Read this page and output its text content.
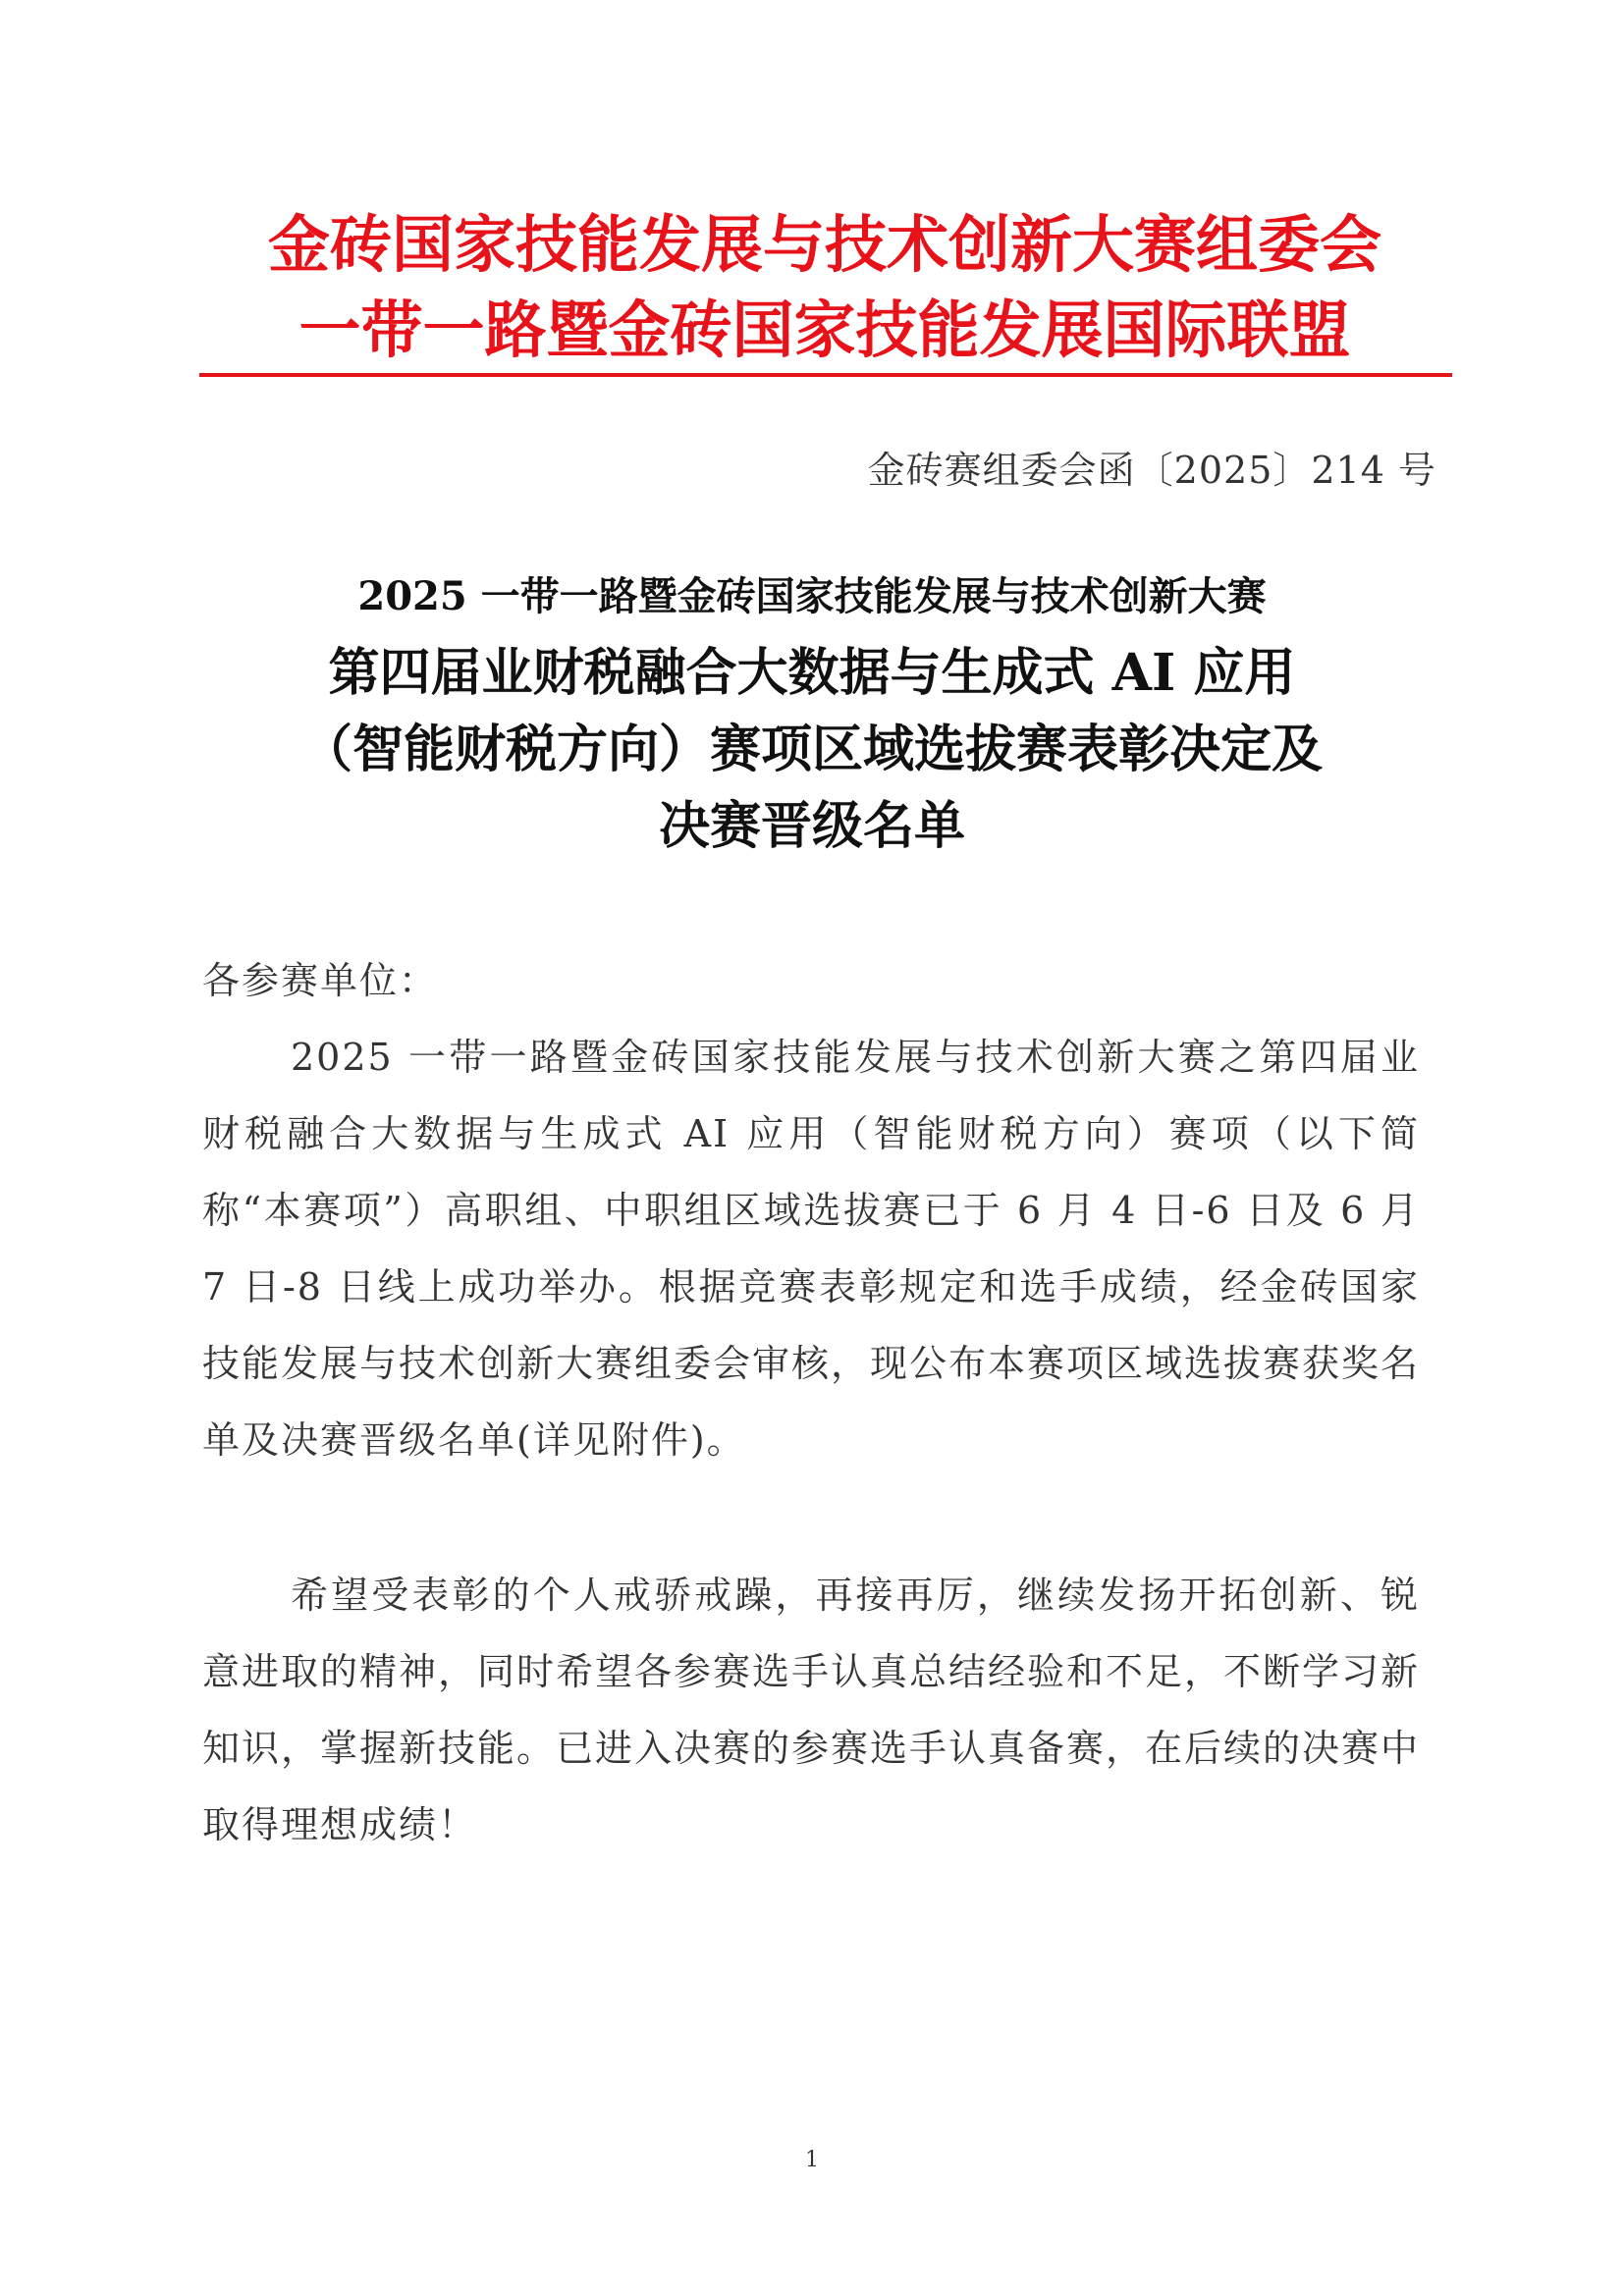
金砖国家技能发展与技术创新大赛组委会
一带一路暨金砖国家技能发展国际联盟
金砖赛组委会函〔2025〕214 号
2025 一带一路暨金砖国家技能发展与技术创新大赛
第四届业财税融合大数据与生成式 AI 应用
（智能财税方向）赛项区域选拔赛表彰决定及
决赛晋级名单
各参赛单位：
2025 一带一路暨金砖国家技能发展与技术创新大赛之第四届业财税融合大数据与生成式 AI 应用（智能财税方向）赛项（以下简称“本赛项”）高职组、中职组区域选拔赛已于 6 月 4 日-6 日及 6 月 7 日-8 日线上成功举办。根据竞赛表彰规定和选手成绩，经金砖国家技能发展与技术创新大赛组委会审核，现公布本赛项区域选拔赛获奖名单及决赛晋级名单(详见附件)。
希望受表彰的个人戒骄戒躁，再接再厉，继续发扬开拓创新、锐意进取的精神，同时希望各参赛选手认真总结经验和不足，不断学习新知识，掌握新技能。已进入决赛的参赛选手认真备赛，在后续的决赛中取得理想成绩！
1
